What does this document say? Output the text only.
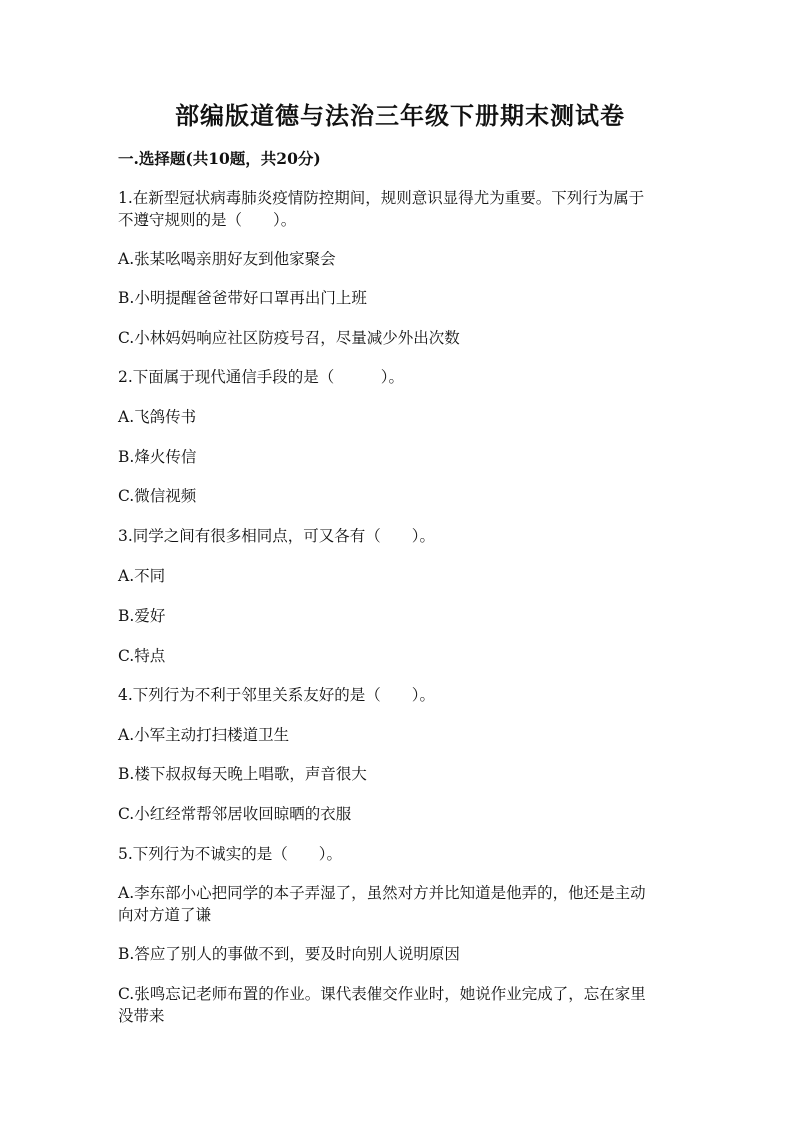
部编版道德与法治三年级下册期末测试卷
一.选择题(共10题，共20分)

1.在新型冠状病毒肺炎疫情防控期间，规则意识显得尤为重要。下列行为属于

不遵守规则的是（　　）。

A.张某吆喝亲朋好友到他家聚会

B.小明提醒爸爸带好口罩再出门上班

C.小林妈妈响应社区防疫号召，尽量减少外出次数

2.下面属于现代通信手段的是（　　　）。

A.飞鸽传书

B.烽火传信

C.微信视频

3.同学之间有很多相同点，可又各有（　　）。

A.不同

B.爱好

C.特点

4.下列行为不利于邻里关系友好的是（　　）。

A.小军主动打扫楼道卫生

B.楼下叔叔每天晚上唱歌，声音很大

C.小红经常帮邻居收回晾晒的衣服

5.下列行为不诚实的是（　　）。

A.李东部小心把同学的本子弄湿了，虽然对方并比知道是他弄的，他还是主动

向对方道了谦

B.答应了别人的事做不到，要及时向别人说明原因

C.张鸣忘记老师布置的作业。课代表催交作业时，她说作业完成了，忘在家里

没带来
